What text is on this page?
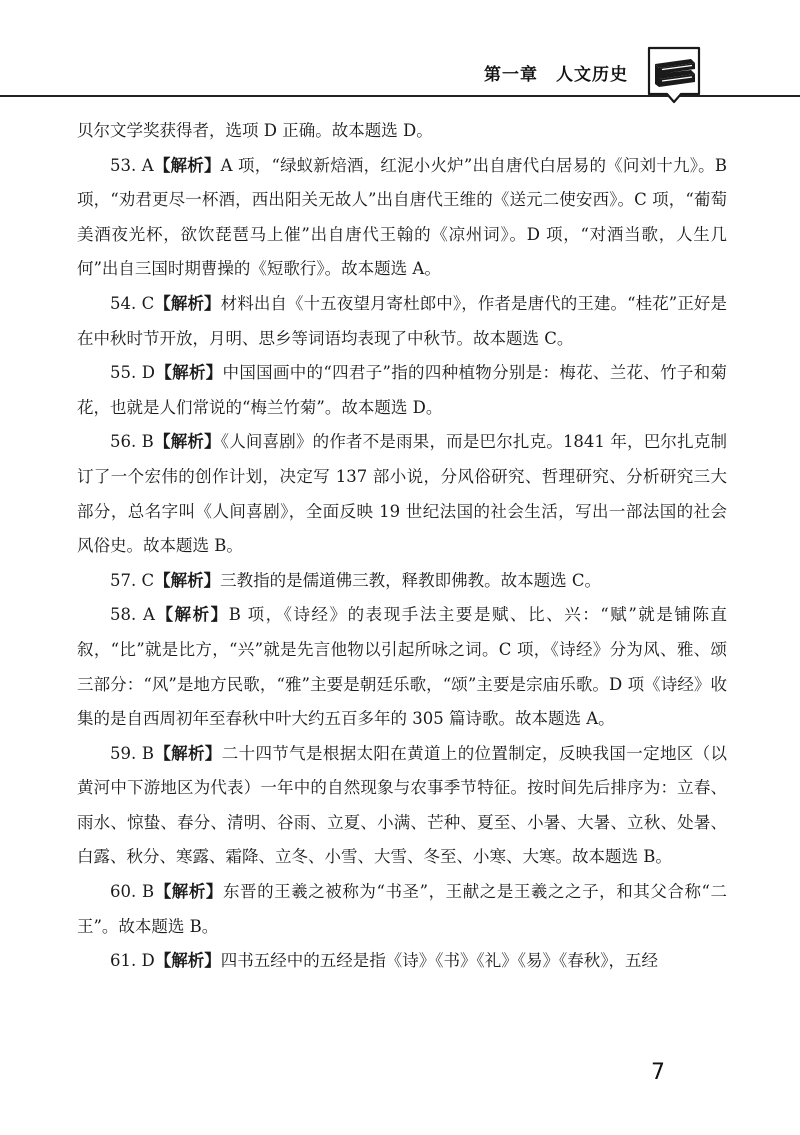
第一章　人文历史

贝尔文学奖获得者，选项 D 正确。故本题选 D。

53. A【解析】A 项，“绿蚁新焙酒，红泥小火炉”出自唐代白居易的《问刘十九》。B 项，“劝君更尽一杯酒，西出阳关无故人”出自唐代王维的《送元二使安西》。C 项，“葡萄美酒夜光杯，欲饮琵琶马上催”出自唐代王翰的《凉州词》。D 项，“对酒当歌，人生几何”出自三国时期曹操的《短歌行》。故本题选 A。

54. C【解析】材料出自《十五夜望月寄杜郎中》，作者是唐代的王建。“桂花”正好是在中秋时节开放，月明、思乡等词语均表现了中秋节。故本题选 C。

55. D【解析】中国国画中的“四君子”指的四种植物分别是：梅花、兰花、竹子和菊花，也就是人们常说的“梅兰竹菊”。故本题选 D。

56. B【解析】《人间喜剧》的作者不是雨果，而是巴尔扎克。1841 年，巴尔扎克制订了一个宏伟的创作计划，决定写 137 部小说，分风俗研究、哲理研究、分析研究三大部分，总名字叫《人间喜剧》，全面反映 19 世纪法国的社会生活，写出一部法国的社会风俗史。故本题选 B。

57. C【解析】三教指的是儒道佛三教，释教即佛教。故本题选 C。

58. A【解析】B 项，《诗经》的表现手法主要是赋、比、兴：“赋”就是铺陈直叙，“比”就是比方，“兴”就是先言他物以引起所咏之词。C 项，《诗经》分为风、雅、颂三部分：“风”是地方民歌，“雅”主要是朝廷乐歌，“颂”主要是宗庙乐歌。D 项《诗经》收集的是自西周初年至春秋中叶大约五百多年的 305 篇诗歌。故本题选 A。

59. B【解析】二十四节气是根据太阳在黄道上的位置制定，反映我国一定地区（以黄河中下游地区为代表）一年中的自然现象与农事季节特征。按时间先后排序为：立春、雨水、惊蛰、春分、清明、谷雨、立夏、小满、芒种、夏至、小暑、大暑、立秋、处暑、白露、秋分、寒露、霜降、立冬、小雪、大雪、冬至、小寒、大寒。故本题选 B。

60. B【解析】东晋的王羲之被称为“书圣”，王献之是王羲之之子，和其父合称“二王”。故本题选 B。

61. D【解析】四书五经中的五经是指《诗》《书》《礼》《易》《春秋》，五经

7
